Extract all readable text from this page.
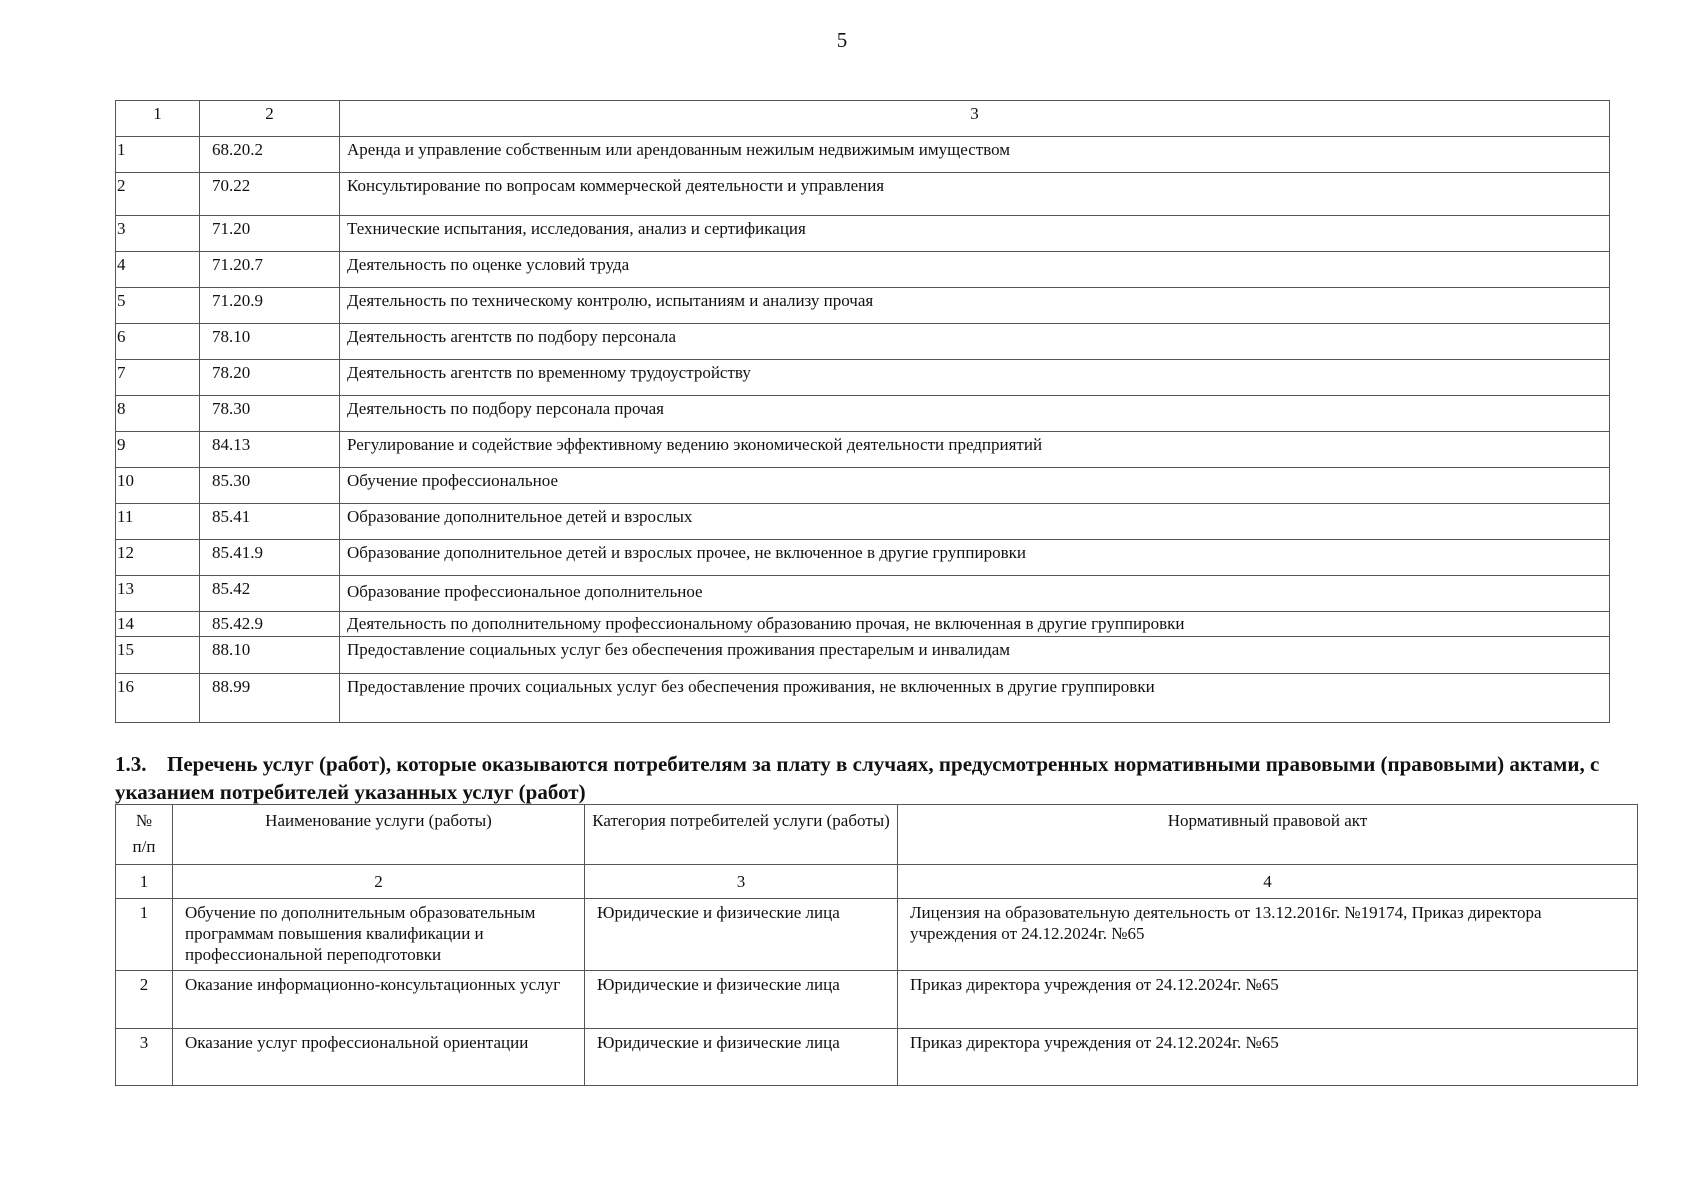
5
1	2	3
1	68.20.2	Аренда и управление собственным или арендованным нежилым недвижимым имуществом
2	70.22	Консультирование по вопросам коммерческой деятельности и управления
3	71.20	Технические испытания, исследования, анализ и сертификация
4	71.20.7	Деятельность по оценке условий труда
5	71.20.9	Деятельность по техническому контролю, испытаниям и анализу прочая
6	78.10	Деятельность агентств по подбору персонала
7	78.20	Деятельность агентств по временному трудоустройству
8	78.30	Деятельность по подбору персонала прочая
9	84.13	Регулирование и содействие эффективному ведению экономической деятельности предприятий
10	85.30	Обучение профессиональное
11	85.41	Образование дополнительное детей и взрослых
12	85.41.9	Образование дополнительное детей и взрослых прочее, не включенное в другие группировки
13	85.42	Образование профессиональное дополнительное
14	85.42.9	Деятельность по дополнительному профессиональному образованию прочая, не включенная в другие группировки
15	88.10	Предоставление социальных услуг без обеспечения проживания престарелым и инвалидам
16	88.99	Предоставление прочих социальных услуг без обеспечения проживания, не включенных в другие группировки
1.3. Перечень услуг (работ), которые оказываются потребителям за плату в случаях, предусмотренных нормативными правовыми (правовыми) актами, с указанием потребителей указанных услуг (работ)
№
п/п	Наименование услуги (работы)	Категория потребителей услуги (работы)	Нормативный правовой акт
1	2	3	4
1	Обучение по дополнительным образовательным программам повышения квалификации и профессиональной переподготовки	Юридические и физические лица	Лицензия на образовательную деятельность от 13.12.2016г. №19174, Приказ директора учреждения от 24.12.2024г. №65
2	Оказание информационно-консультационных услуг	Юридические и физические лица	Приказ директора учреждения от 24.12.2024г. №65
3	Оказание услуг профессиональной ориентации	Юридические и физические лица	Приказ директора учреждения от 24.12.2024г. №65
